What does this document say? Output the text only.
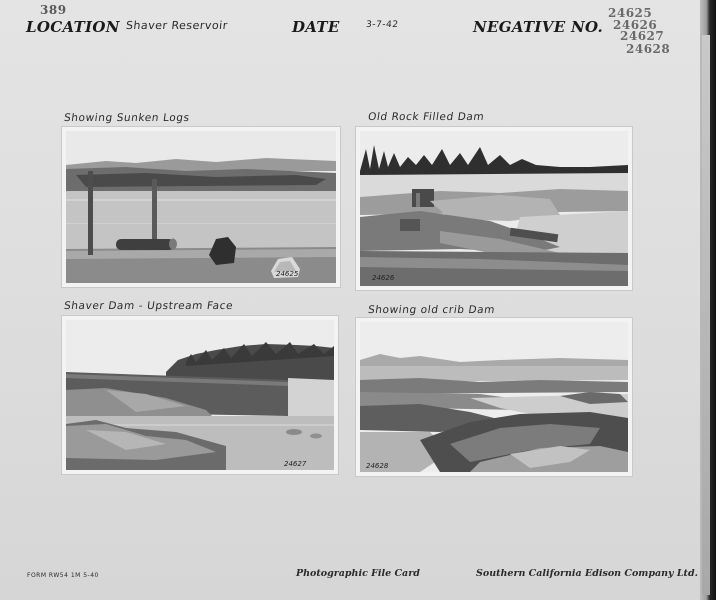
389
LOCATION Shaver Reservoir	DATE	3-7-42	NEGATIVE NO.
24625
24626
24627
24628
Showing Sunken Logs	Old Rock Filled Dam
Shaver Dam - Upstream Face	Showing old crib Dam
24625	24626
24627	24628
FORM RW54 1M 5-40	Photographic File Card	Southern California Edison Company Ltd.
